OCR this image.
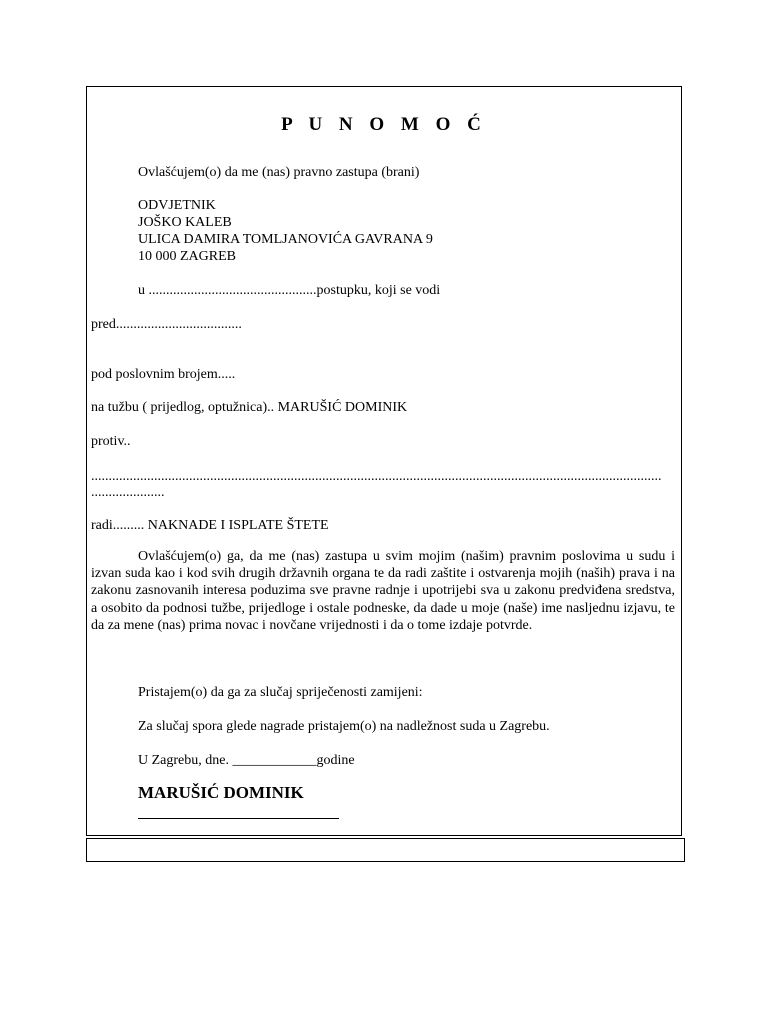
P U N O M O Ć
Ovlašćujem(o) da me (nas) pravno zastupa (brani)
ODVJETNIK
JOŠKO KALEB
ULICA DAMIRA TOMLJANOVIĆA GAVRANA 9
10 000 ZAGREB
u ................................................postupku, koji se vodi
pred....................................
pod poslovnim brojem.....
na tužbu ( prijedlog, optužnica).. MARUŠIĆ DOMINIK
protiv..
...................................................................................................................................................................
.....................
radi......... NAKNADE I ISPLATE ŠTETE
Ovlašćujem(o) ga, da me (nas) zastupa u svim mojim (našim) pravnim poslovima u sudu i izvan suda kao i kod svih drugih državnih organa te da radi zaštite i ostvarenja mojih (naših) prava i na zakonu zasnovanih interesa poduzima sve pravne radnje i upotrijebi sva u zakonu predviđena sredstva, a osobito da podnosi tužbe, prijedloge i ostale podneske, da dade u moje (naše) ime nasljednu izjavu, te da za mene (nas) prima novac i novčane vrijednosti i da o tome izdaje potvrde.
Pristajem(o) da ga za slučaj spriječenosti zamijeni:
Za slučaj spora glede nagrade pristajem(o) na nadležnost suda u Zagrebu.
U Zagrebu, dne. ____________godine
MARUŠIĆ DOMINIK
